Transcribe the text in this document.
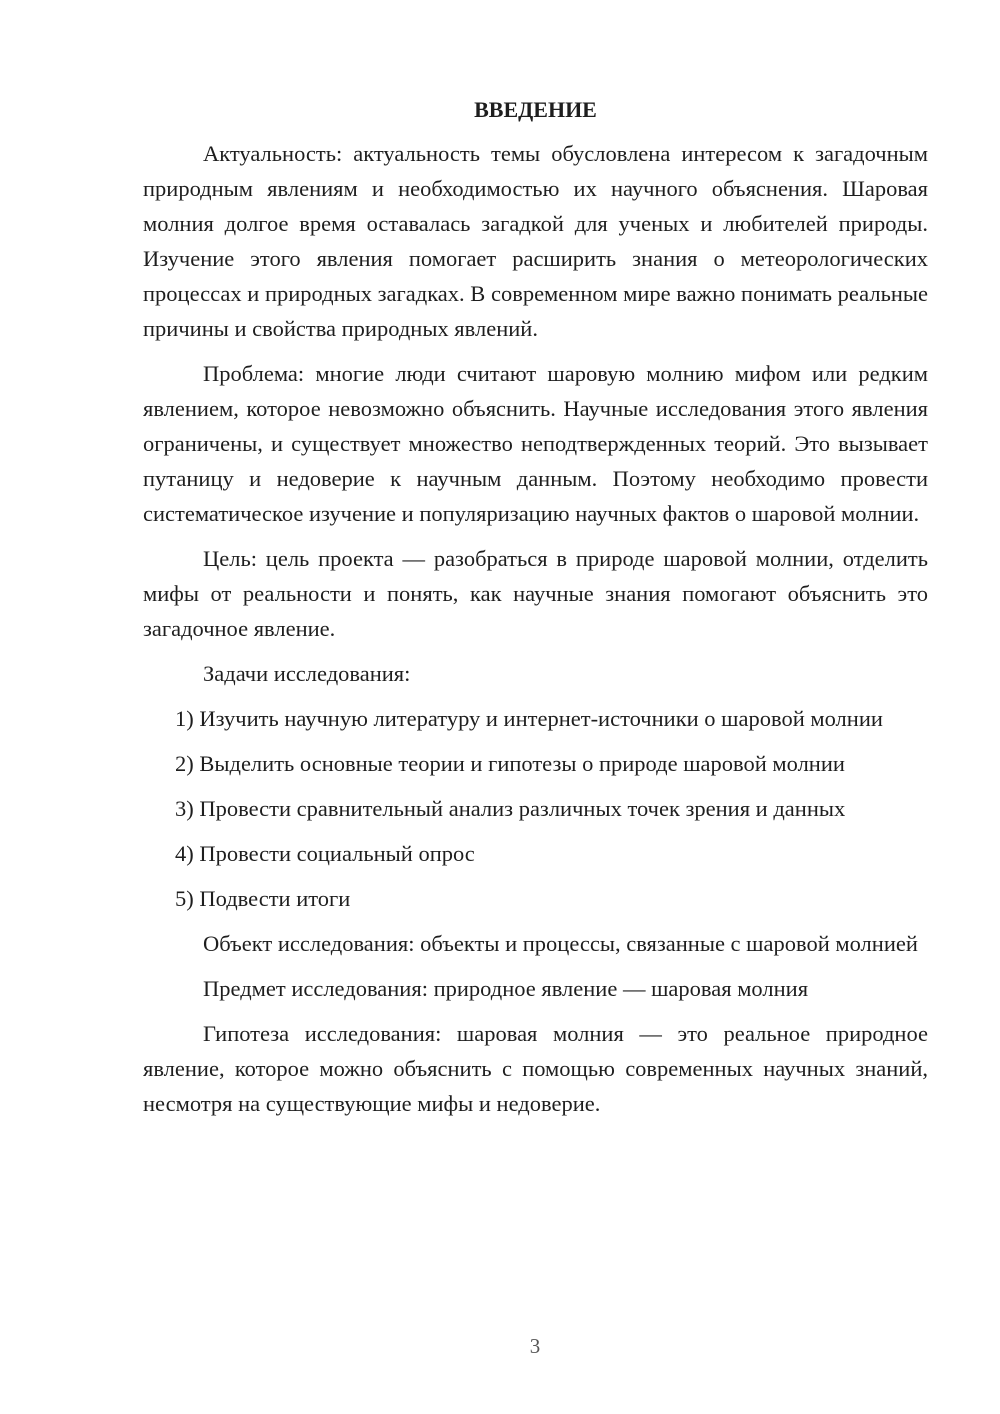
ВВЕДЕНИЕ

Актуальность: актуальность темы обусловлена интересом к загадочным природным явлениям и необходимостью их научного объяснения. Шаровая молния долгое время оставалась загадкой для ученых и любителей природы. Изучение этого явления помогает расширить знания о метеорологических процессах и природных загадках. В современном мире важно понимать реальные причины и свойства природных явлений.

Проблема: многие люди считают шаровую молнию мифом или редким явлением, которое невозможно объяснить. Научные исследования этого явления ограничены, и существует множество неподтвержденных теорий. Это вызывает путаницу и недоверие к научным данным. Поэтому необходимо провести систематическое изучение и популяризацию научных фактов о шаровой молнии.

Цель: цель проекта — разобраться в природе шаровой молнии, отделить мифы от реальности и понять, как научные знания помогают объяснить это загадочное явление.

Задачи исследования:

1) Изучить научную литературу и интернет-источники о шаровой молнии

2) Выделить основные теории и гипотезы о природе шаровой молнии

3) Провести сравнительный анализ различных точек зрения и данных

4) Провести социальный опрос

5) Подвести итоги

Объект исследования: объекты и процессы, связанные с шаровой молнией

Предмет исследования: природное явление — шаровая молния

Гипотеза исследования: шаровая молния — это реальное природное явление, которое можно объяснить с помощью современных научных знаний, несмотря на существующие мифы и недоверие.

3
